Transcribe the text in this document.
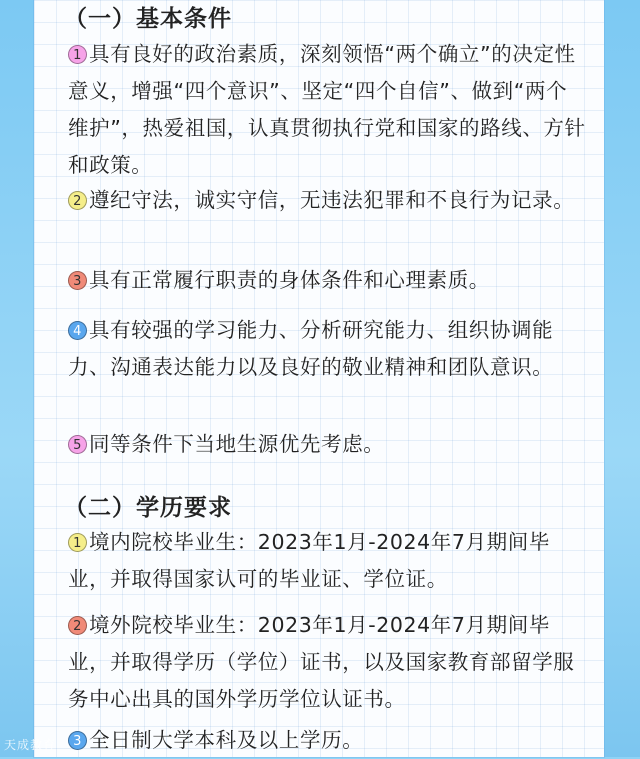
（一）基本条件
1 具有良好的政治素质，深刻领悟“两个确立”的决定性意义，增强“四个意识”、坚定“四个自信”、做到“两个维护”，热爱祖国，认真贯彻执行党和国家的路线、方针和政策。
2 遵纪守法，诚实守信，无违法犯罪和不良行为记录。
3 具有正常履行职责的身体条件和心理素质。
4 具有较强的学习能力、分析研究能力、组织协调能力、沟通表达能力以及良好的敬业精神和团队意识。
5 同等条件下当地生源优先考虑。
（二）学历要求
1 境内院校毕业生：2023年1月-2024年7月期间毕业，并取得国家认可的毕业证、学位证。
2 境外院校毕业生：2023年1月-2024年7月期间毕业，并取得学历（学位）证书，以及国家教育部留学服务中心出具的国外学历学位认证书。
3 全日制大学本科及以上学历。
天成教育
